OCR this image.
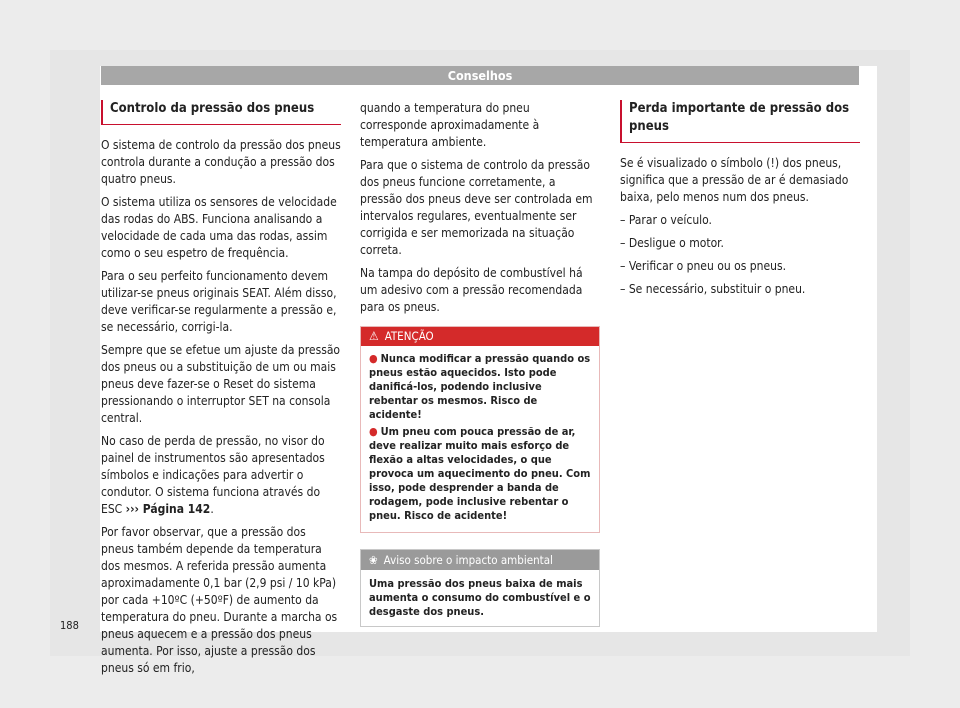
Conselhos
Controlo da pressão dos pneus

O sistema de controlo da pressão dos pneus controla durante a condução a pressão dos quatro pneus.

O sistema utiliza os sensores de velocidade das rodas do ABS. Funciona analisando a velocidade de cada uma das rodas, assim como o seu espetro de frequência.

Para o seu perfeito funcionamento devem utilizar-se pneus originais SEAT. Além disso, deve verificar-se regularmente a pressão e, se necessário, corrigi-la.

Sempre que se efetue um ajuste da pressão dos pneus ou a substituição de um ou mais pneus deve fazer-se o Reset do sistema pressionando o interruptor SET na consola central.

No caso de perda de pressão, no visor do painel de instrumentos são apresentados símbolos e indicações para advertir o condutor. O sistema funciona através do ESC ››› Página 142.

Por favor observar, que a pressão dos pneus também depende da temperatura dos mesmos. A referida pressão aumenta aproximadamente 0,1 bar (2,9 psi / 10 kPa) por cada +10ºC (+50ºF) de aumento da temperatura do pneu. Durante a marcha os pneus aquecem e a pressão dos pneus aumenta. Por isso, ajuste a pressão dos pneus só em frio,

quando a temperatura do pneu corresponde aproximadamente à temperatura ambiente.

Para que o sistema de controlo da pressão dos pneus funcione corretamente, a pressão dos pneus deve ser controlada em intervalos regulares, eventualmente ser corrigida e ser memorizada na situação correta.

Na tampa do depósito de combustível há um adesivo com a pressão recomendada para os pneus.

⚠ ATENÇÃO
● Nunca modificar a pressão quando os pneus estão aquecidos. Isto pode danificá-los, podendo inclusive rebentar os mesmos. Risco de acidente!
● Um pneu com pouca pressão de ar, deve realizar muito mais esforço de flexão a altas velocidades, o que provoca um aquecimento do pneu. Com isso, pode desprender a banda de rodagem, pode inclusive rebentar o pneu. Risco de acidente!
❀ Aviso sobre o impacto ambiental
Uma pressão dos pneus baixa de mais aumenta o consumo do combustível e o desgaste dos pneus.
Perda importante de pressão dos pneus

Se é visualizado o símbolo (!) dos pneus, significa que a pressão de ar é demasiado baixa, pelo menos num dos pneus.

– Parar o veículo.

– Desligue o motor.

– Verificar o pneu ou os pneus.

– Se necessário, substituir o pneu.

188
